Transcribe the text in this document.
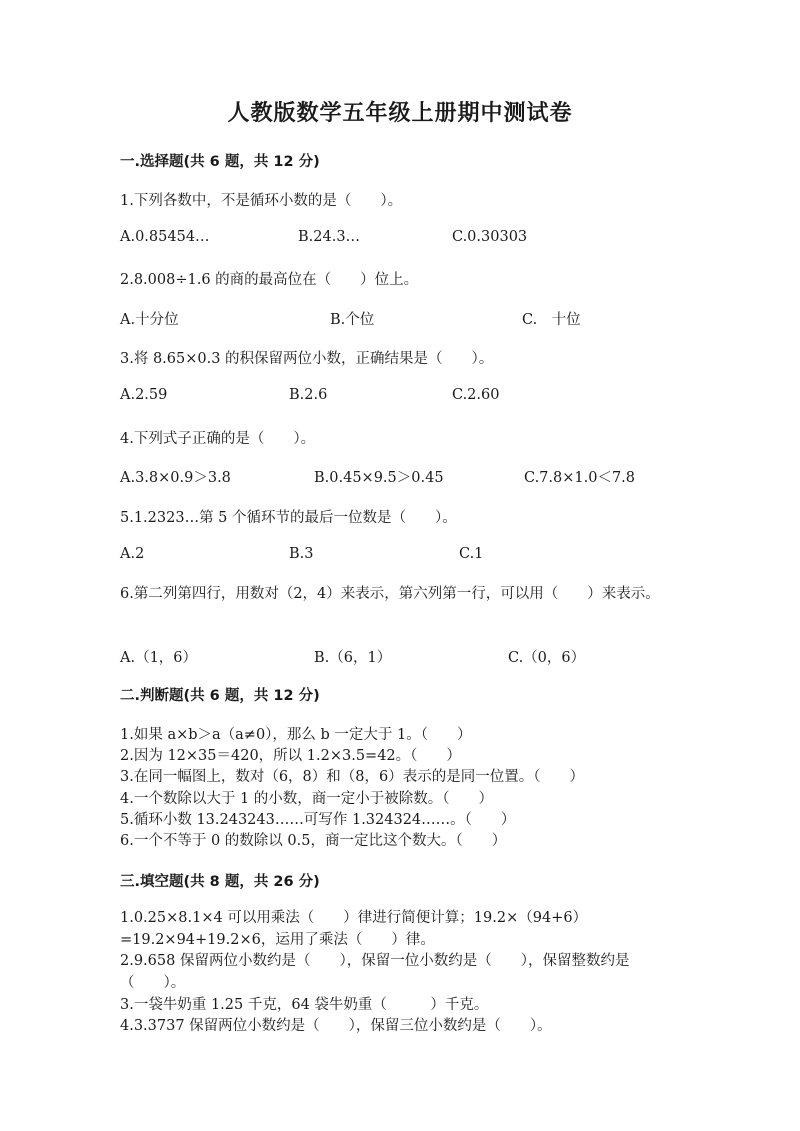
人教版数学五年级上册期中测试卷
一.选择题(共 6 题，共 12 分)
1.下列各数中，不是循环小数的是（　　）。
A.0.85454…	B.24.3…	C.0.30303
2.8.008÷1.6 的商的最高位在（　　）位上。
A.十分位	B.个位	C.　十位
3.将 8.65×0.3 的积保留两位小数，正确结果是（　　）。
A.2.59	B.2.6	C.2.60
4.下列式子正确的是（　　）。
A.3.8×0.9＞3.8	B.0.45×9.5＞0.45	C.7.8×1.0＜7.8
5.1.2323…第 5 个循环节的最后一位数是（　　）。
A.2	B.3	C.1
6.第二列第四行，用数对（2，4）来表示，第六列第一行，可以用（　　）来表示。
A.（1，6）	B.（6，1）	C.（0，6）
二.判断题(共 6 题，共 12 分)
1.如果 a×b＞a（a≠0），那么 b 一定大于 1。（　　）
2.因为 12×35＝420，所以 1.2×3.5=42。（　　）
3.在同一幅图上，数对（6，8）和（8，6）表示的是同一位置。（　　）
4.一个数除以大于 1 的小数，商一定小于被除数。（　　）
5.循环小数 13.243243……可写作 1.324324……。（　　）
6.一个不等于 0 的数除以 0.5，商一定比这个数大。（　　）
三.填空题(共 8 题，共 26 分)
1.0.25×8.1×4 可以用乘法（　　）律进行简便计算；19.2×（94+6）=19.2×94+19.2×6，运用了乘法（　　）律。
2.9.658 保留两位小数约是（　　），保留一位小数约是（　　），保留整数约是（　　）。
3.一袋牛奶重 1.25 千克，64 袋牛奶重（　　　）千克。
4.3.3737 保留两位小数约是（　　），保留三位小数约是（　　）。
